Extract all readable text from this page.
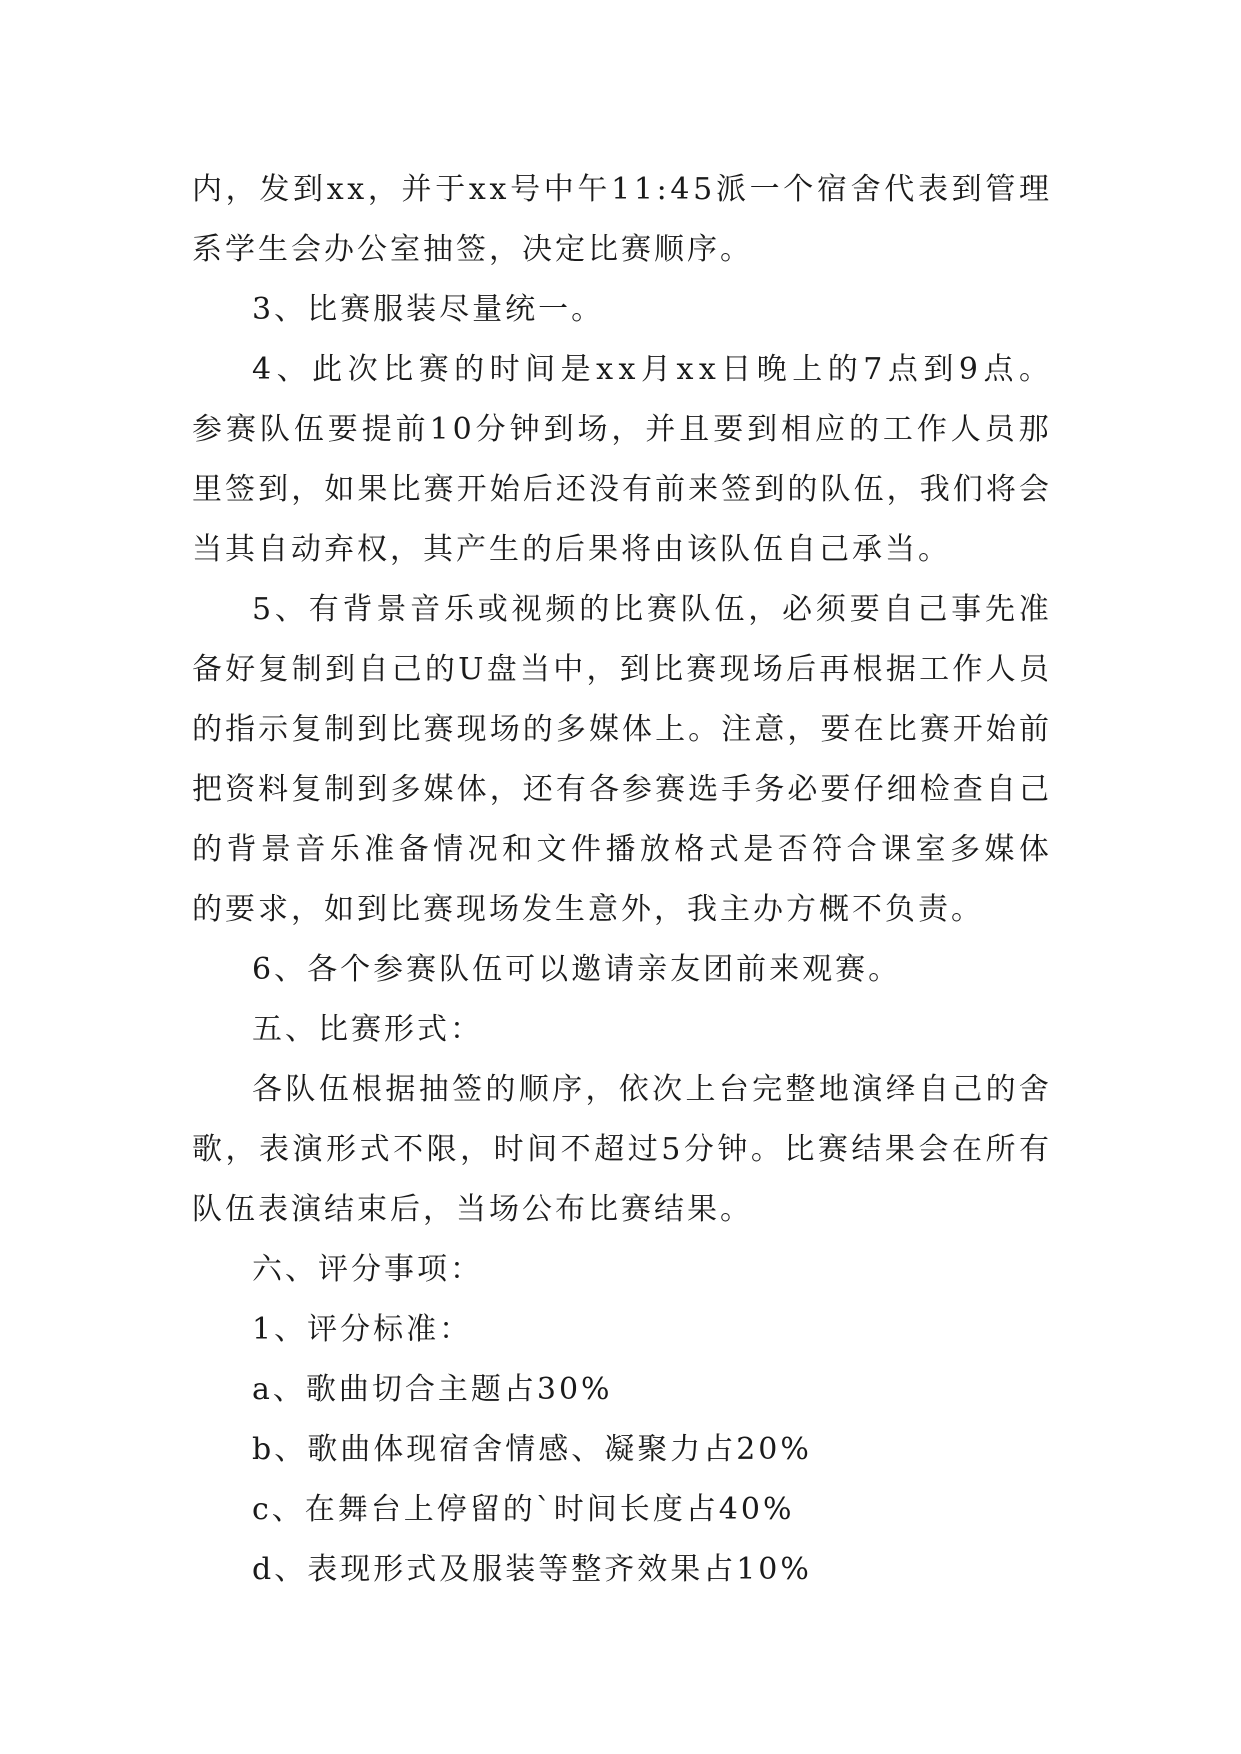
内 ， 发 到 x x ， 并 于 x x 号 中 午 1 1 : 4 5 派 一 个 宿 舍 代 表 到 管 理
系学生会办公室抽签，决定比赛顺序。
3、比赛服装尽量统一。
4 、 此 次 比 赛 的 时 间 是 x x 月 x x 日 晚 上 的 7 点 到 9 点 。
参 赛 队 伍 要 提 前 1 0 分 钟 到 场 ， 并 且 要 到 相 应 的 工 作 人 员 那
里 签 到 ， 如 果 比 赛 开 始 后 还 没 有 前 来 签 到 的 队 伍 ， 我 们 将 会
当其自动弃权，其产生的后果将由该队伍自己承当。
5 、 有 背 景 音 乐 或 视 频 的 比 赛 队 伍 ， 必 须 要 自 己 事 先 准
备 好 复 制 到 自 己 的 U 盘 当 中 ， 到 比 赛 现 场 后 再 根 据 工 作 人 员
的 指 示 复 制 到 比 赛 现 场 的 多 媒 体 上 。 注 意 ， 要 在 比 赛 开 始 前
把 资 料 复 制 到 多 媒 体 ， 还 有 各 参 赛 选 手 务 必 要 仔 细 检 查 自 己
的 背 景 音 乐 准 备 情 况 和 文 件 播 放 格 式 是 否 符 合 课 室 多 媒 体
的要求，如到比赛现场发生意外，我主办方概不负责。
6、各个参赛队伍可以邀请亲友团前来观赛。
五、比赛形式：
各 队 伍 根 据 抽 签 的 顺 序 ， 依 次 上 台 完 整 地 演 绎 自 己 的 舍
歌 ， 表 演 形 式 不 限 ， 时 间 不 超 过 5 分 钟 。 比 赛 结 果 会 在 所 有
队伍表演结束后，当场公布比赛结果。
六、评分事项：
1、评分标准：
a、歌曲切合主题占30%
b、歌曲体现宿舍情感、凝聚力占20%
c、在舞台上停留的`时间长度占40%
d、表现形式及服装等整齐效果占10%
